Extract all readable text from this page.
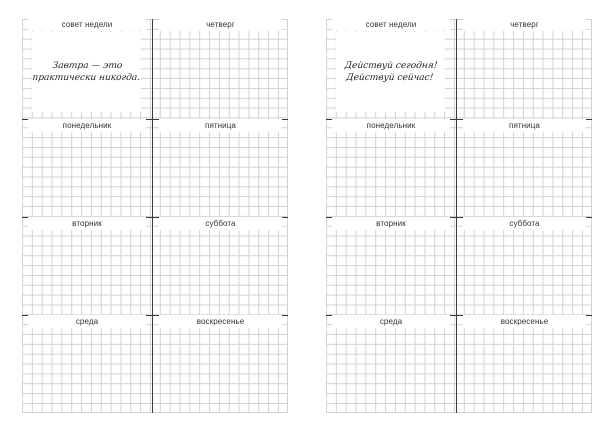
совет недели
Завтра — это
практически никогда.
понедельник
вторник
среда
четверг
пятница
суббота
воскресенье
совет недели
Действуй сегодня!
Действуй сейчас!
понедельник
вторник
среда
четверг
пятница
суббота
воскресенье
